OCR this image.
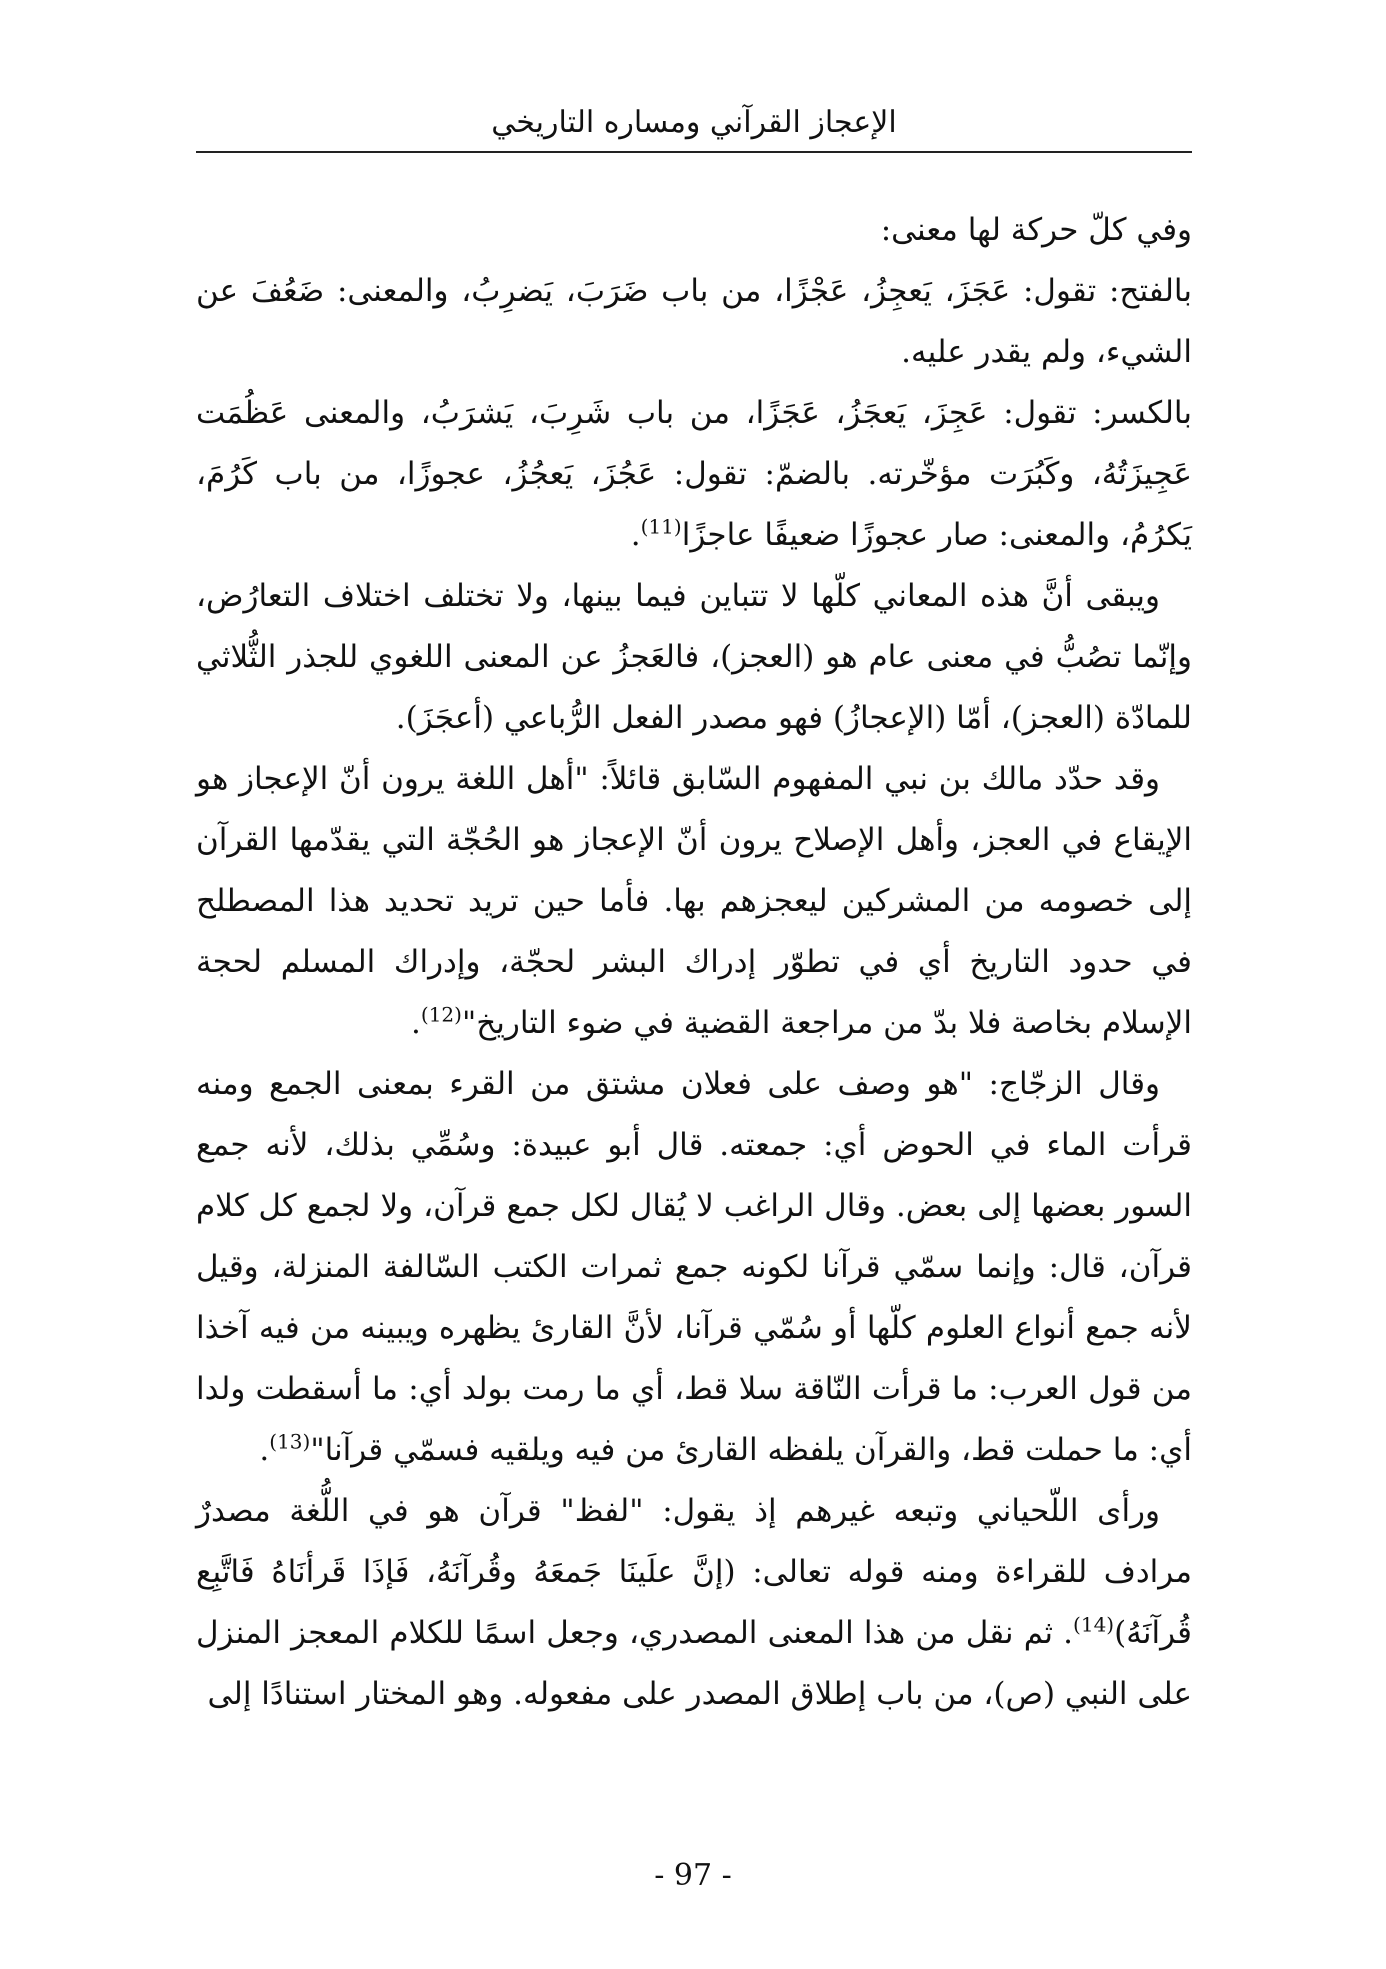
الإعجاز القرآني ومساره التاريخي

وفي كلّ حركة لها معنى:

بالفتح: تقول: عَجَزَ، يَعجِزُ، عَجْزًا، من باب ضَرَبَ، يَضرِبُ، والمعنى: ضَعُفَ عن الشيء، ولم يقدر عليه.

بالكسر: تقول: عَجِزَ، يَعجَزُ، عَجَزًا، من باب شَرِبَ، يَشرَبُ، والمعنى عَظُمَت عَجِيزَتُهُ، وكَبُرَت مؤخّرته. بالضمّ: تقول: عَجُزَ، يَعجُزُ، عجوزًا، من باب كَرُمَ، يَكرُمُ، والمعنى: صار عجوزًا ضعيفًا عاجزًا$^{(11)}$.

ويبقى أنَّ هذه المعاني كلّها لا تتباين فيما بينها، ولا تختلف اختلاف التعارُض، وإنّما تصُبُّ في معنى عام هو (العجز)، فالعَجزُ عن المعنى اللغوي للجذر الثُّلاثي للمادّة (العجز)، أمّا (الإعجازُ) فهو مصدر الفعل الرُّباعي (أعجَزَ).

وقد حدّد مالك بن نبي المفهوم السّابق قائلاً: "أهل اللغة يرون أنّ الإعجاز هو الإيقاع في العجز، وأهل الإصلاح يرون أنّ الإعجاز هو الحُجّة التي يقدّمها القرآن إلى خصومه من المشركين ليعجزهم بها. فأما حين تريد تحديد هذا المصطلح في حدود التاريخ أي في تطوّر إدراك البشر لحجّة، وإدراك المسلم لحجة الإسلام بخاصة فلا بدّ من مراجعة القضية في ضوء التاريخ"$^{(12)}$.

وقال الزجّاج: "هو وصف على فعلان مشتق من القرء بمعنى الجمع ومنه قرأت الماء في الحوض أي: جمعته. قال أبو عبيدة: وسُمِّي بذلك، لأنه جمع السور بعضها إلى بعض. وقال الراغب لا يُقال لكل جمع قرآن، ولا لجمع كل كلام قرآن، قال: وإنما سمّي قرآنا لكونه جمع ثمرات الكتب السّالفة المنزلة، وقيل لأنه جمع أنواع العلوم كلّها أو سُمّي قرآنا، لأنَّ القارئ يظهره ويبينه من فيه آخذا من قول العرب: ما قرأت النّاقة سلا قط، أي ما رمت بولد أي: ما أسقطت ولدا أي: ما حملت قط، والقرآن يلفظه القارئ من فيه ويلقيه فسمّي قرآنا"$^{(13)}$.

ورأى اللّحياني وتبعه غيرهم إذ يقول: "لفظ" قرآن هو في اللُّغة مصدرٌ مرادف للقراءة ومنه قوله تعالى: (إنَّ علَينَا جَمعَهُ وقُرآنَهُ، فَإذَا قَرأنَاهُ فَاتَّبِع قُرآنَهُ)$^{(14)}$. ثم نقل من هذا المعنى المصدري، وجعل اسمًا للكلام المعجز المنزل على النبي (ص)، من باب إطلاق المصدر على مفعوله. وهو المختار استنادًا إلى

- 97 -
